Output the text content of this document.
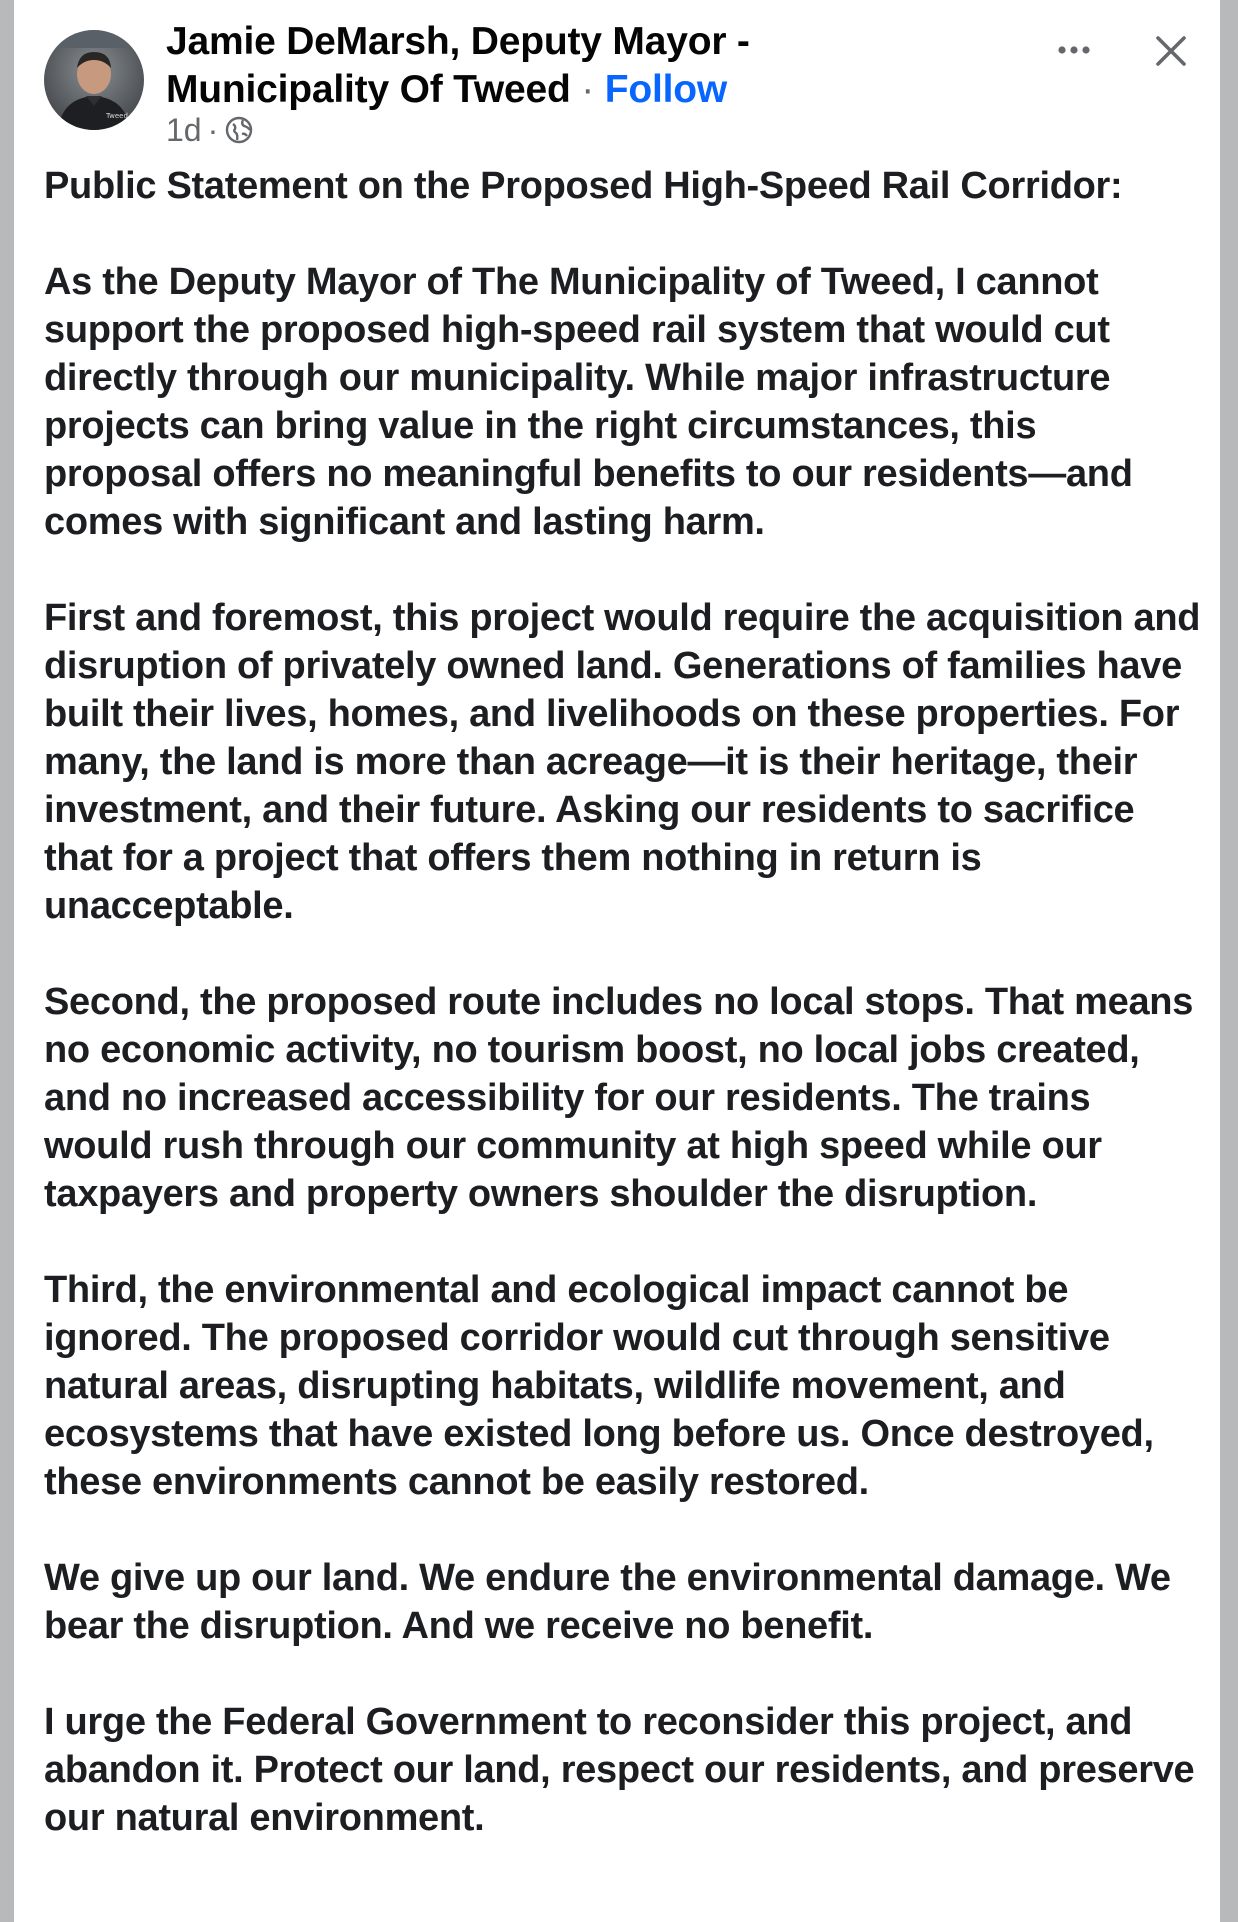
Tweed
Jamie DeMarsh, Deputy Mayor -
Municipality Of Tweed · Follow
1d ·

Public Statement on the Proposed High-Speed Rail Corridor:

As the Deputy Mayor of The Municipality of Tweed, I cannot support the proposed high-speed rail system that would cut directly through our municipality. While major infrastructure projects can bring value in the right circumstances, this proposal offers no meaningful benefits to our residents—and comes with significant and lasting harm.

First and foremost, this project would require the acquisition and disruption of privately owned land. Generations of families have built their lives, homes, and livelihoods on these properties. For many, the land is more than acreage—it is their heritage, their investment, and their future. Asking our residents to sacrifice that for a project that offers them nothing in return is unacceptable.

Second, the proposed route includes no local stops. That means no economic activity, no tourism boost, no local jobs created, and no increased accessibility for our residents. The trains would rush through our community at high speed while our taxpayers and property owners shoulder the disruption.

Third, the environmental and ecological impact cannot be ignored. The proposed corridor would cut through sensitive natural areas, disrupting habitats, wildlife movement, and ecosystems that have existed long before us. Once destroyed, these environments cannot be easily restored.

We give up our land. We endure the environmental damage. We bear the disruption. And we receive no benefit.

I urge the Federal Government to reconsider this project, and abandon it. Protect our land, respect our residents, and preserve our natural environment.
